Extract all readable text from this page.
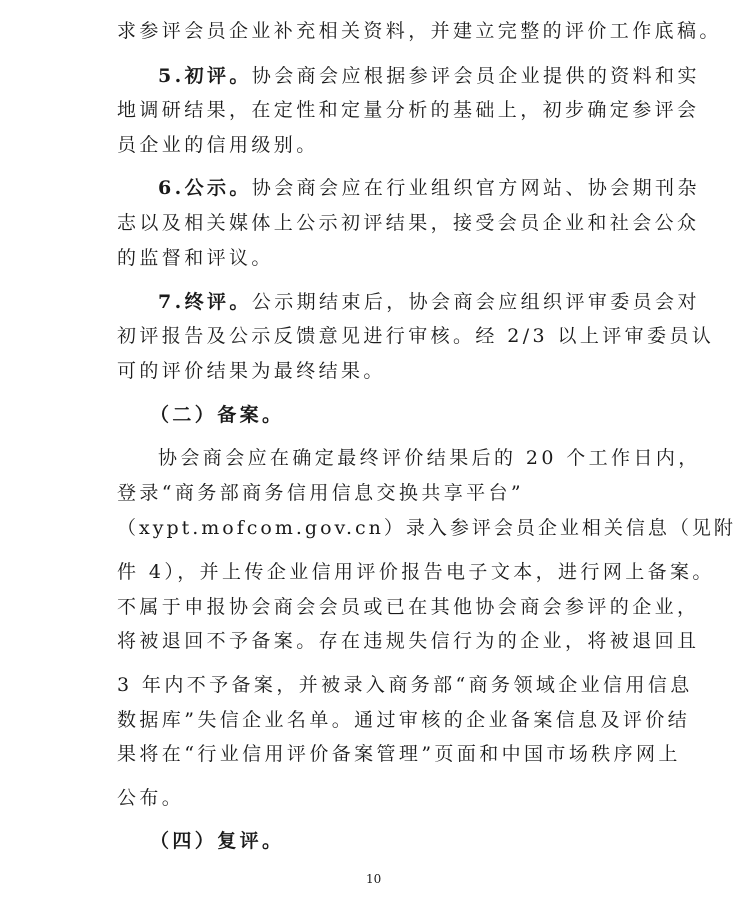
求参评会员企业补充相关资料，并建立完整的评价工作底稿。
5.初评。协会商会应根据参评会员企业提供的资料和实
地调研结果，在定性和定量分析的基础上，初步确定参评会
员企业的信用级别。
6.公示。协会商会应在行业组织官方网站、协会期刊杂
志以及相关媒体上公示初评结果，接受会员企业和社会公众
的监督和评议。
7.终评。公示期结束后，协会商会应组织评审委员会对
初评报告及公示反馈意见进行审核。经 2/3 以上评审委员认
可的评价结果为最终结果。
（二）备案。
协会商会应在确定最终评价结果后的 20 个工作日内，
登录“商务部商务信用信息交换共享平台”
（xypt.mofcom.gov.cn）录入参评会员企业相关信息（见附
件 4），并上传企业信用评价报告电子文本，进行网上备案。
不属于申报协会商会会员或已在其他协会商会参评的企业，
将被退回不予备案。存在违规失信行为的企业，将被退回且
3 年内不予备案，并被录入商务部“商务领域企业信用信息
数据库”失信企业名单。通过审核的企业备案信息及评价结
果将在“行业信用评价备案管理”页面和中国市场秩序网上
公布。
（四）复评。
10
